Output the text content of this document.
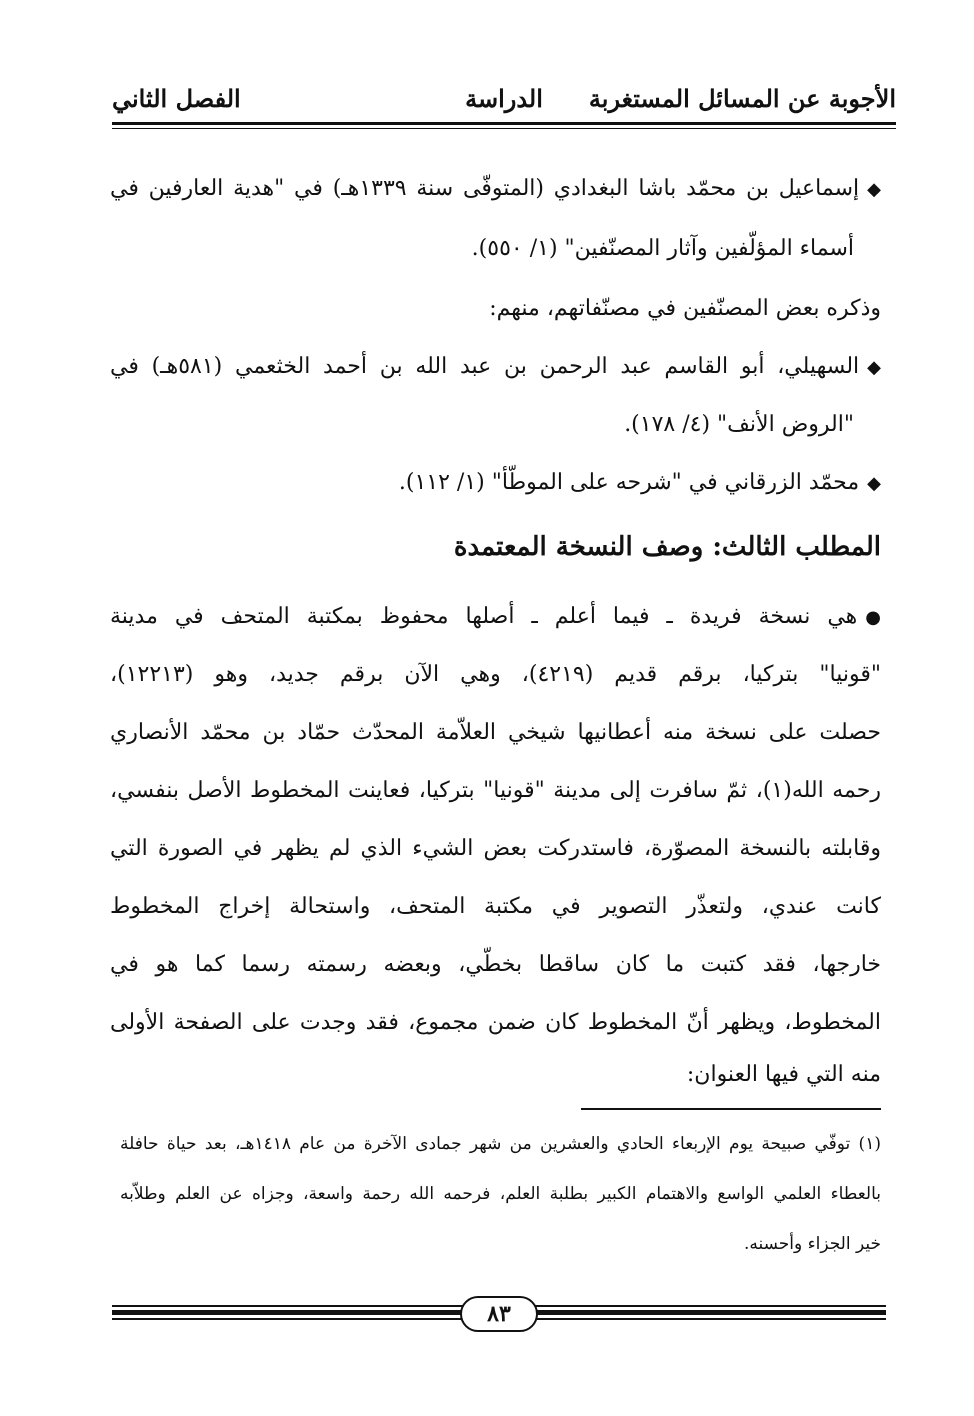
الأجوبة عن المسائل المستغربة
الدراسة
الفصل الثاني
◆إسماعيل بن محمّد باشا البغدادي (المتوفّى سنة ١٣٣٩هـ) في "هدية العارفين في
أسماء المؤلّفين وآثار المصنّفين" (١/ ٥٥٠).
وذكره بعض المصنّفين في مصنّفاتهم، منهم:
◆السهيلي، أبو القاسم عبد الرحمن بن عبد الله بن أحمد الخثعمي (٥٨١هـ) في
"الروض الأنف" (٤/ ١٧٨).
◆محمّد الزرقاني في "شرحه على الموطّأ" (١/ ١١٢).
المطلب الثالث: وصف النسخة المعتمدة
●هي نسخة فريدة ـ فيما أعلم ـ أصلها محفوظ بمكتبة المتحف في مدينة
"قونيا" بتركيا، برقم قديم (٤٢١٩)، وهي الآن برقم جديد، وهو (١٢٢١٣)،
حصلت على نسخة منه أعطانيها شيخي العلاّمة المحدّث حمّاد بن محمّد الأنصاري
رحمه الله(١)، ثمّ سافرت إلى مدينة "قونيا" بتركيا، فعاينت المخطوط الأصل بنفسي،
وقابلته بالنسخة المصوّرة، فاستدركت بعض الشيء الذي لم يظهر في الصورة التي
كانت عندي، ولتعذّر التصوير في مكتبة المتحف، واستحالة إخراج المخطوط
خارجها، فقد كتبت ما كان ساقطا بخطّي، وبعضه رسمته رسما كما هو في
المخطوط، ويظهر أنّ المخطوط كان ضمن مجموع، فقد وجدت على الصفحة الأولى
منه التي فيها العنوان:
(١) توفّي صبيحة يوم الإربعاء الحادي والعشرين من شهر جمادى الآخرة من عام ١٤١٨هـ، بعد حياة حافلة
بالعطاء العلمي الواسع والاهتمام الكبير بطلبة العلم، فرحمه الله رحمة واسعة، وجزاه عن العلم وطلاّبه
خير الجزاء وأحسنه.
٨٣
